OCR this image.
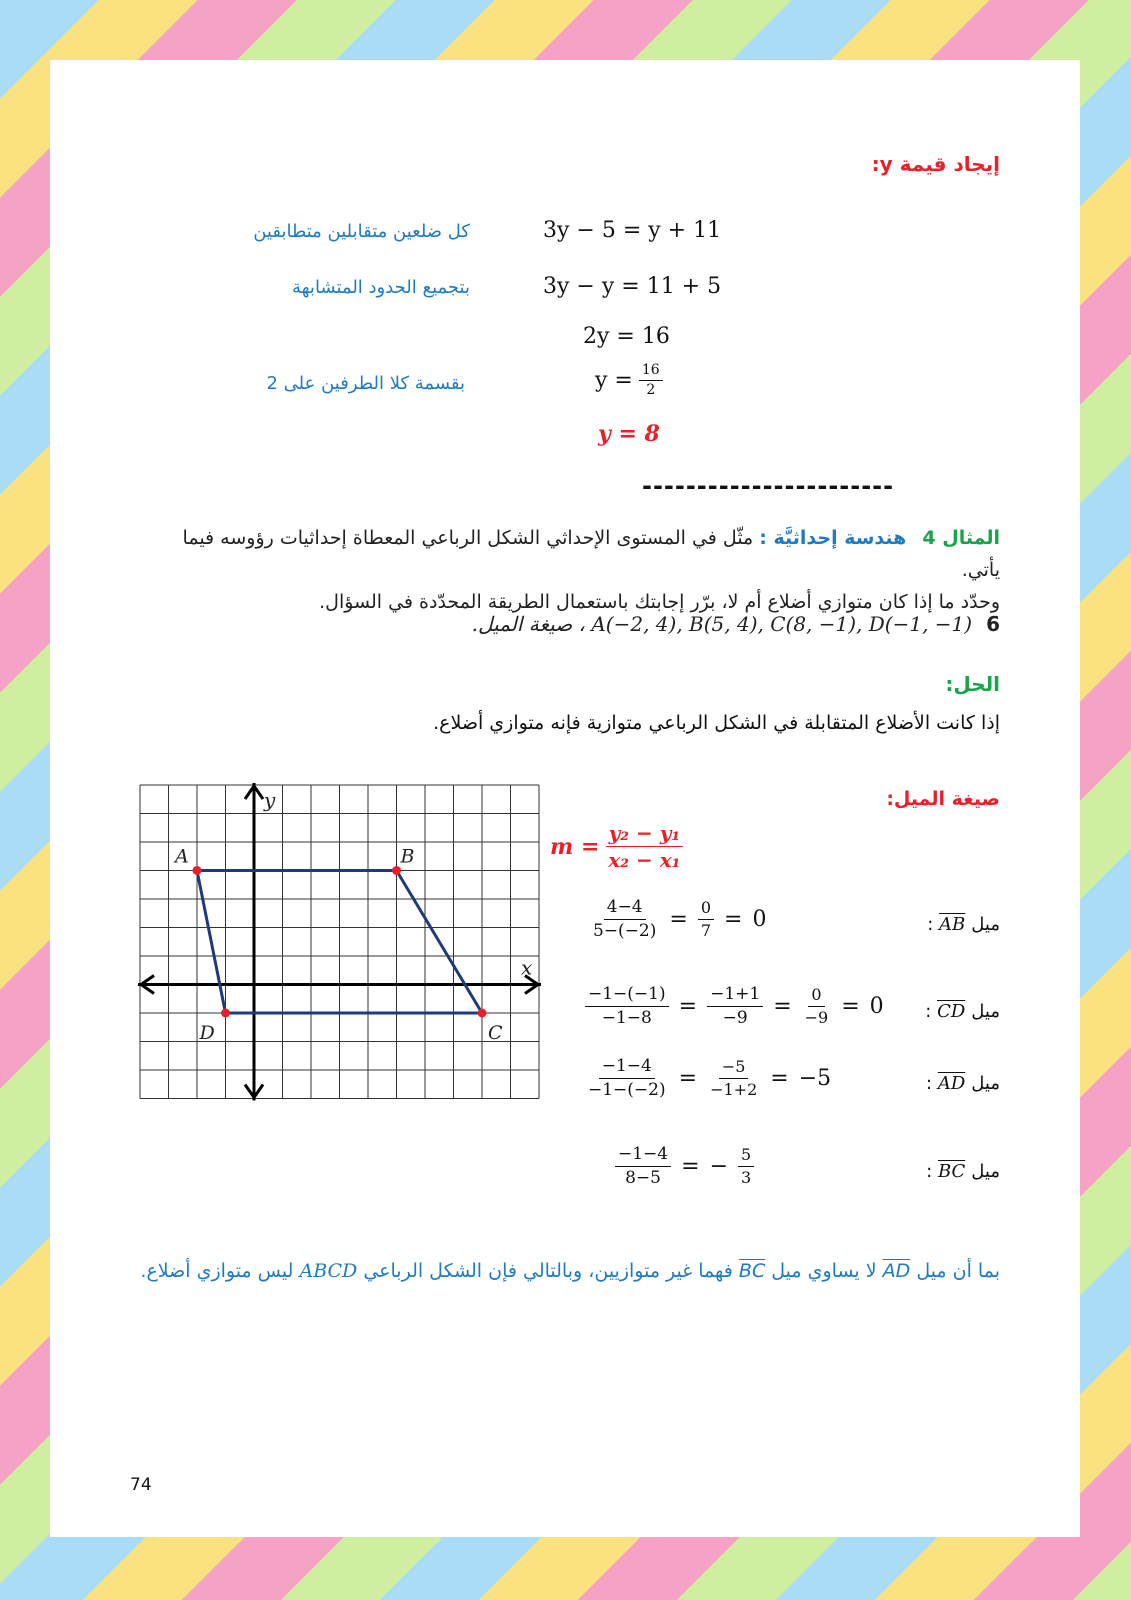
إيجاد قيمة y:
3y − 5 = y + 11
كل ضلعين متقابلين متطابقين
3y − y = 11 + 5
بتجميع الحدود المتشابهة
2y = 16
$y = \frac{16}{2}$
بقسمة كلا الطرفين على 2
y = 8
-----------------------
المثال 4 هندسة إحداثيَّة : مثّل في المستوى الإحداثي الشكل الرباعي المعطاة إحداثيات رؤوسه فيما يأتي.
وحدّد ما إذا كان متوازي أضلاع أم لا، برّر إجابتك باستعمال الطريقة المحدّدة في السؤال.
6
A(−2, 4), B(5, 4), C(8, −1), D(−1, −1) ، صيغة الميل.
الحل:
إذا كانت الأضلاع المتقابلة في الشكل الرباعي متوازية فإنه متوازي أضلاع.
x
y
A	B
C
D
صيغة الميل:
$m = \frac{\text{y₂ − y₁}}{\text{x₂ − x₁}}$
$\frac{4-4}{5-(-2)} = \frac{0}{7} = 0$	ميلAB :
$\frac{-1-(-1)}{-1-8} = \frac{-1+1}{-9} = \frac{0}{-9} = 0$	ميلCD :
$\frac{-1-4}{-1-(-2)} = \frac{-5}{-1+2} = -5$	ميلAD :
$\frac{-1-4}{8-5}$ = − $\frac{5}{3}$	ميلBC :
بما أن ميل AD لا يساوي ميل BC فهما غير متوازيين، وبالتالي فإن الشكل الرباعي ABCD ليس متوازي أضلاع.
74
